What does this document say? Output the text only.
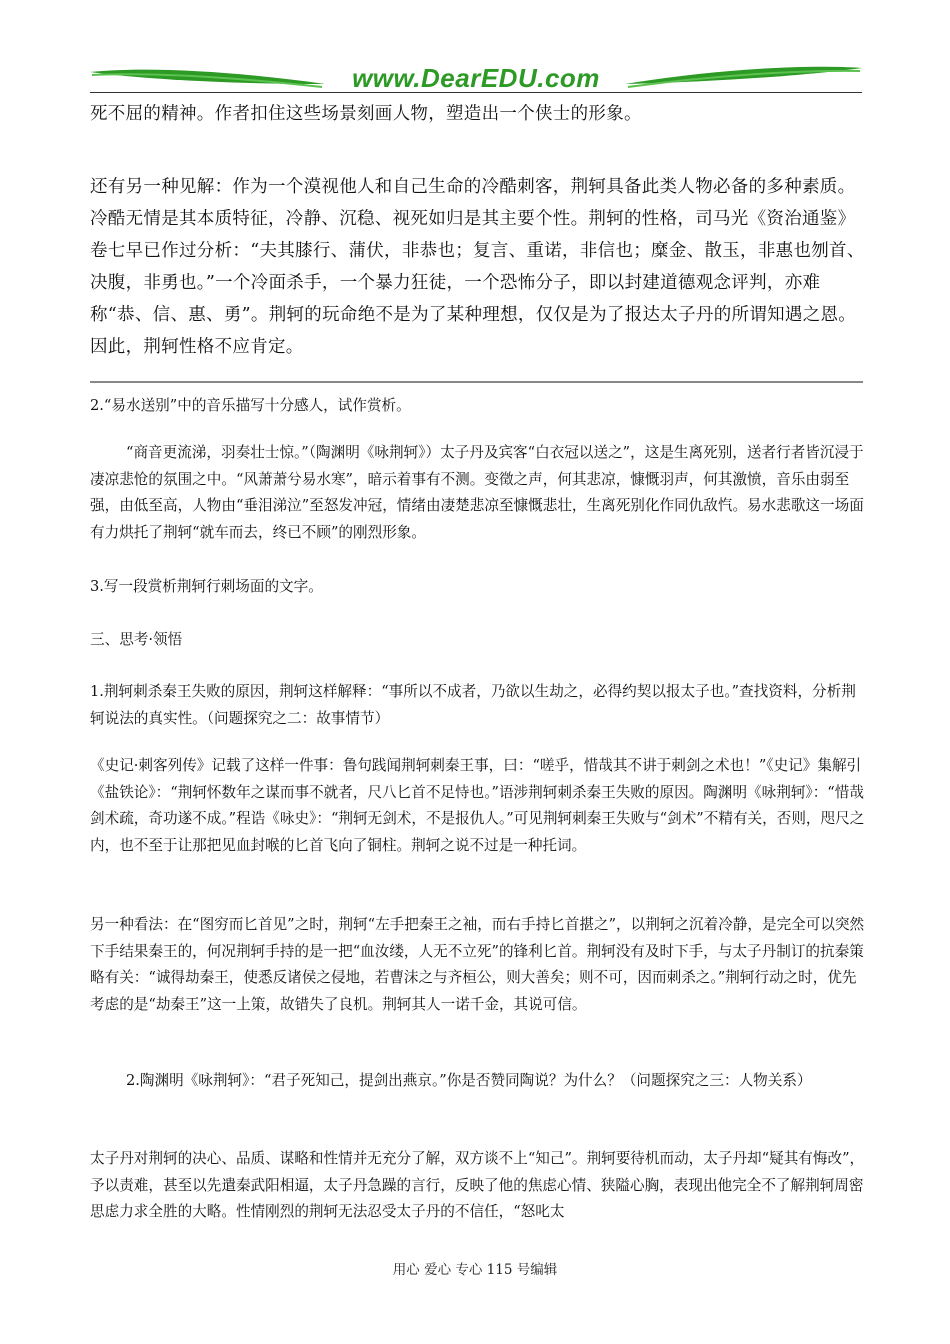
www.DearEDU.com

死不屈的精神。作者扣住这些场景刻画人物，塑造出一个侠士的形象。

还有另一种见解：作为一个漠视他人和自己生命的冷酷刺客，荆轲具备此类人物必备的多种素质。冷酷无情是其本质特征，冷静、沉稳、视死如归是其主要个性。荆轲的性格，司马光《资治通鉴》卷七早已作过分析：“夫其膝行、蒲伏，非恭也；复言、重诺，非信也；糜金、散玉，非惠也刎首、决腹，非勇也。”一个冷面杀手，一个暴力狂徒，一个恐怖分子，即以封建道德观念评判，亦难称“恭、信、惠、勇”。荆轲的玩命绝不是为了某种理想，仅仅是为了报达太子丹的所谓知遇之恩。因此，荆轲性格不应肯定。

2.“易水送别”中的音乐描写十分感人，试作赏析。

“商音更流涕，羽奏壮士惊。”（陶渊明《咏荆轲》）太子丹及宾客“白衣冠以送之”，这是生离死别，送者行者皆沉浸于凄凉悲怆的氛围之中。“风萧萧兮易水寒”，暗示着事有不测。变徵之声，何其悲凉，慷慨羽声，何其激愤，音乐由弱至强，由低至高，人物由“垂泪涕泣”至怒发冲冠，情绪由凄楚悲凉至慷慨悲壮，生离死别化作同仇敌忾。易水悲歌这一场面有力烘托了荆轲“就车而去，终已不顾”的刚烈形象。

3.写一段赏析荆轲行刺场面的文字。

三、思考·领悟

1.荆轲刺杀秦王失败的原因，荆轲这样解释：“事所以不成者，乃欲以生劫之，必得约契以报太子也。”查找资料，分析荆轲说法的真实性。（问题探究之二：故事情节）

《史记·刺客列传》记载了这样一件事：鲁句践闻荆轲刺秦王事，曰：“嗟乎，惜哉其不讲于刺剑之术也！”《史记》集解引《盐铁论》：“荆轲怀数年之谋而事不就者，尺八匕首不足恃也。”语涉荆轲刺杀秦王失败的原因。陶渊明《咏荆轲》：“惜哉剑术疏，奇功遂不成。”程诰《咏史》：“荆轲无剑术，不是报仇人。”可见荆轲刺秦王失败与“剑术”不精有关，否则，咫尺之内，也不至于让那把见血封喉的匕首飞向了铜柱。荆轲之说不过是一种托词。

另一种看法：在“图穷而匕首见”之时，荆轲“左手把秦王之袖，而右手持匕首揕之”，以荆轲之沉着冷静，是完全可以突然下手结果秦王的，何况荆轲手持的是一把“血汝缕，人无不立死”的锋利匕首。荆轲没有及时下手，与太子丹制订的抗秦策略有关：“诚得劫秦王，使悉反诸侯之侵地，若曹沫之与齐桓公，则大善矣；则不可，因而刺杀之。”荆轲行动之时，优先考虑的是“劫秦王”这一上策，故错失了良机。荆轲其人一诺千金，其说可信。

2.陶渊明《咏荆轲》：“君子死知己，提剑出燕京。”你是否赞同陶说？为什么？（问题探究之三：人物关系）

太子丹对荆轲的决心、品质、谋略和性情并无充分了解，双方谈不上“知己”。荆轲要待机而动，太子丹却“疑其有悔改”，予以责难，甚至以先遣秦武阳相逼，太子丹急躁的言行，反映了他的焦虑心情、狭隘心胸，表现出他完全不了解荆轲周密思虑力求全胜的大略。性情刚烈的荆轲无法忍受太子丹的不信任，“怒叱太

用心 爱心 专心 115 号编辑
